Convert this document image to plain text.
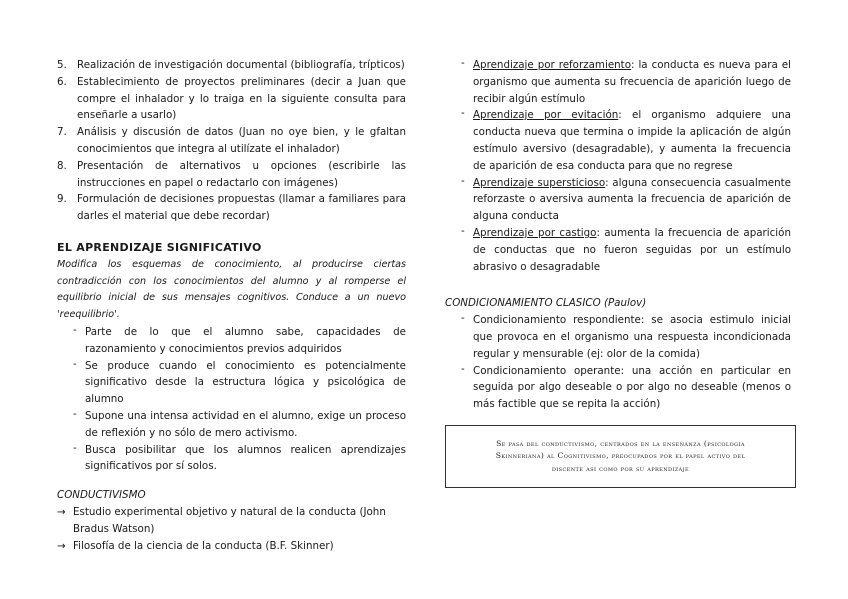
5. Realización de investigación documental (bibliografía, trípticos)
6. Establecimiento de proyectos preliminares (decir a Juan que compre el inhalador y lo traiga en la siguiente consulta para enseñarle a usarlo)
7. Análisis y discusión de datos (Juan no oye bien, y le gfaltan conocimientos que integra al utilízate el inhalador)
8. Presentación de alternativos u opciones (escribirle las instrucciones en papel o redactarlo con imágenes)
9. Formulación de decisiones propuestas (llamar a familiares para darles el material que debe recordar)
EL APRENDIZAJE SIGNIFICATIVO
Modifica los esquemas de conocimiento, al producirse ciertas contradicción con los conocimientos del alumno y al romperse el equilibrio inicial de sus mensajes cognitivos. Conduce a un nuevo 'reequilibrio'.
- Parte de lo que el alumno sabe, capacidades de razonamiento y conocimientos previos adquiridos
- Se produce cuando el conocimiento es potencialmente significativo desde la estructura lógica y psicológica de alumno
- Supone una intensa actividad en el alumno, exige un proceso de reflexión y no sólo de mero activismo.
- Busca posibilitar que los alumnos realicen aprendizajes significativos por sí solos.
CONDUCTIVISMO
→ Estudio experimental objetivo y natural de la conducta (John Bradus Watson)
→ Filosofía de la ciencia de la conducta (B.F. Skinner)
- Aprendizaje por reforzamiento: la conducta es nueva para el organismo que aumenta su frecuencia de aparición luego de recibir algún estímulo
- Aprendizaje por evitación: el organismo adquiere una conducta nueva que termina o impide la aplicación de algún estímulo aversivo (desagradable), y aumenta la frecuencia de aparición de esa conducta para que no regrese
- Aprendizaje supersticioso: alguna consecuencia casualmente reforzaste o aversiva aumenta la frecuencia de aparición de alguna conducta
- Aprendizaje por castigo: aumenta la frecuencia de aparición de conductas que no fueron seguidas por un estímulo abrasivo o desagradable
CONDICIONAMIENTO CLASICO (Paulov)
- Condicionamiento respondiente: se asocia estimulo inicial que provoca en el organismo una respuesta incondicionada regular y mensurable (ej: olor de la comida)
- Condicionamiento operante: una acción en particular en seguida por algo deseable o por algo no deseable (menos o más factible que se repita la acción)
Se pasa del conductivismo, centrados en la enseñanza (psicología Skinneriana) al Cognitivismo, preocupados por el papel activo del discente así como por su aprendizaje
